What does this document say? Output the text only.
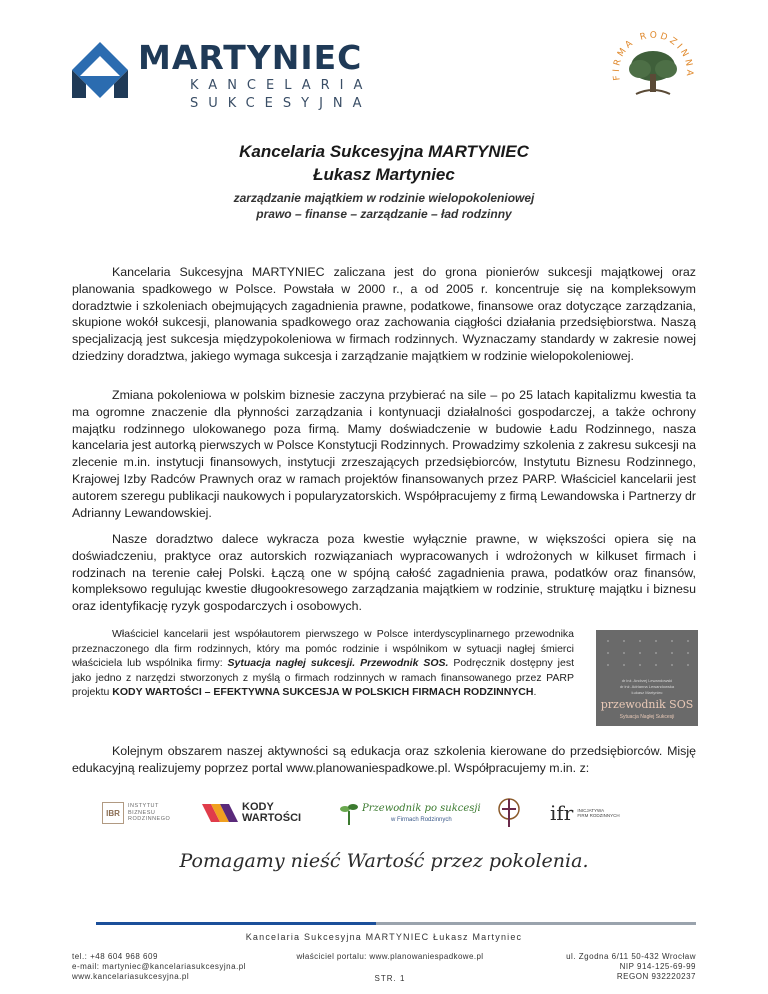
MARTYNIEC
KANCELARIA
SUKCESYJNA
FIRMA RODZINNA
Kancelaria Sukcesyjna MARTYNIEC
Łukasz Martyniec
zarządzanie majątkiem w rodzinie wielopokoleniowej
prawo – finanse – zarządzanie – ład rodzinny

Kancelaria Sukcesyjna MARTYNIEC zaliczana jest do grona pionierów sukcesji majątkowej oraz planowania spadkowego w Polsce. Powstała w 2000 r., a od 2005 r. koncentruje się na kompleksowym doradztwie i szkoleniach obejmujących zagadnienia prawne, podatkowe, finansowe oraz dotyczące zarządzania, skupione wokół sukcesji, planowania spadkowego oraz zachowania ciągłości działania przedsiębiorstwa. Naszą specjalizacją jest sukcesja międzypokoleniowa w firmach rodzinnych. Wyznaczamy standardy w zakresie nowej dziedziny doradztwa, jakiego wymaga sukcesja i zarządzanie majątkiem w rodzinie wielopokoleniowej.

Zmiana pokoleniowa w polskim biznesie zaczyna przybierać na sile – po 25 latach kapitalizmu kwestia ta ma ogromne znaczenie dla płynności zarządzania i kontynuacji działalności gospodarczej, a także ochrony majątku rodzinnego ulokowanego poza firmą. Mamy doświadczenie w budowie Ładu Rodzinnego, nasza kancelaria jest autorką pierwszych w Polsce Konstytucji Rodzinnych. Prowadzimy szkolenia z zakresu sukcesji na zlecenie m.in. instytucji finansowych, instytucji zrzeszających przedsiębiorców, Instytutu Biznesu Rodzinnego, Krajowej Izby Radców Prawnych oraz w ramach projektów finansowanych przez PARP. Właściciel kancelarii jest autorem szeregu publikacji naukowych i popularyzatorskich. Współpracujemy z firmą Lewandowska i Partnerzy dr Adrianny Lewandowskiej.

Nasze doradztwo dalece wykracza poza kwestie wyłącznie prawne, w większości opiera się na doświadczeniu, praktyce oraz autorskich rozwiązaniach wypracowanych i wdrożonych w kilkuset firmach i rodzinach na terenie całej Polski. Łączą one w spójną całość zagadnienia prawa, podatków oraz finansów, kompleksowo regulując kwestie długookresowego zarządzania majątkiem w rodzinie, strukturę majątku i biznesu oraz identyfikację ryzyk gospodarczych i osobowych.

Właściciel kancelarii jest współautorem pierwszego w Polsce interdyscyplinarnego przewodnika przeznaczonego dla firm rodzinnych, który ma pomóc rodzinie i wspólnikom w sytuacji nagłej śmierci właściciela lub wspólnika firmy: Sytuacja nagłej sukcesji. Przewodnik SOS. Podręcznik dostępny jest jako jedno z narzędzi stworzonych z myślą o firmach rodzinnych w ramach finansowanego przez PARP projektu KODY WARTOŚCI – EFEKTYWNA SUKCESJA W POLSKICH FIRMACH RODZINNYCH.

dr inż. Andrzej Lewandowski
dr inż. Adrianna Lewandowska
Łukasz Martyniec
przewodnik SOS
Sytuacja Nagłej Sukcesji

Kolejnym obszarem naszej aktywności są edukacja oraz szkolenia kierowane do przedsiębiorców. Misję edukacyjną realizujemy poprzez portal www.planowaniespadkowe.pl. Współpracujemy m.in. z:

IBR
INSTYTUT
BIZNESU
RODZINNEGO
KODY
WARTOŚCI
Przewodnik po sukcesji
w Firmach Rodzinnych	ifr INICJATYWA
FIRM RODZINNYCH
Pomagamy nieść Wartość przez pokolenia.
Kancelaria Sukcesyjna MARTYNIEC Łukasz Martyniec
tel.: +48 604 968 609
e-mail: martyniec@kancelariasukcesyjna.pl
www.kancelariasukcesyjna.pl
właściciel portalu: www.planowaniespadkowe.pl
STR. 1
ul. Zgodna 6/11 50-432 Wrocław
NIP 914-125-69-99
REGON 932220237
